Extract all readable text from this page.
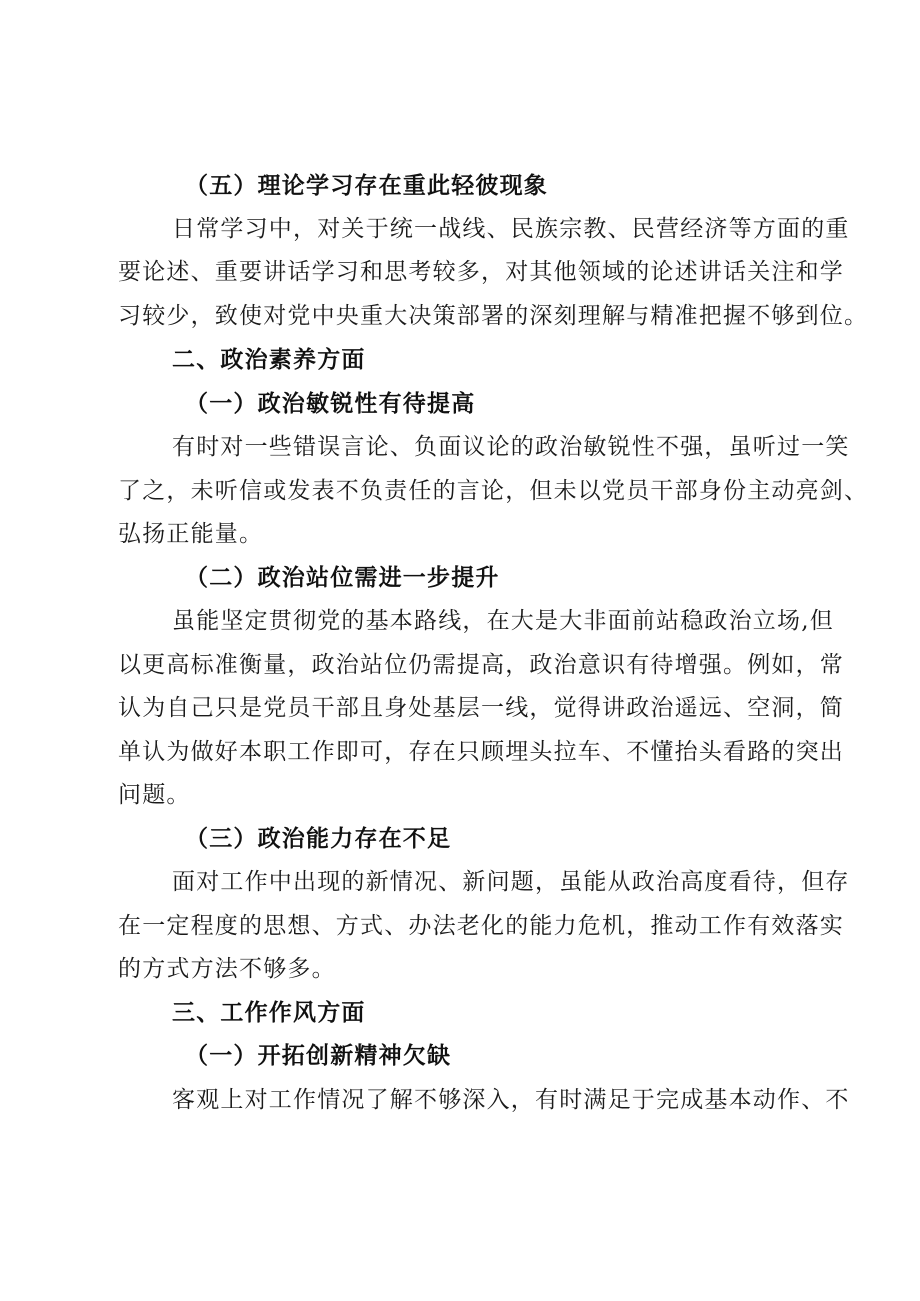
（五）理论学习存在重此轻彼现象
日常学习中，对关于统一战线、民族宗教、民营经济等方面的重
要论述、重要讲话学习和思考较多，对其他领域的论述讲话关注和学
习较少，致使对党中央重大决策部署的深刻理解与精准把握不够到位。
二、政治素养方面
（一）政治敏锐性有待提高
有时对一些错误言论、负面议论的政治敏锐性不强，虽听过一笑
了之，未听信或发表不负责任的言论，但未以党员干部身份主动亮剑、
弘扬正能量。
（二）政治站位需进一步提升
虽能坚定贯彻党的基本路线，在大是大非面前站稳政治立场,但
以更高标准衡量，政治站位仍需提高，政治意识有待增强。例如，常
认为自己只是党员干部且身处基层一线，觉得讲政治遥远、空洞，简
单认为做好本职工作即可，存在只顾埋头拉车、不懂抬头看路的突出
问题。
（三）政治能力存在不足
面对工作中出现的新情况、新问题，虽能从政治高度看待，但存
在一定程度的思想、方式、办法老化的能力危机，推动工作有效落实
的方式方法不够多。
三、工作作风方面
（一）开拓创新精神欠缺
客观上对工作情况了解不够深入，有时满足于完成基本动作、不
